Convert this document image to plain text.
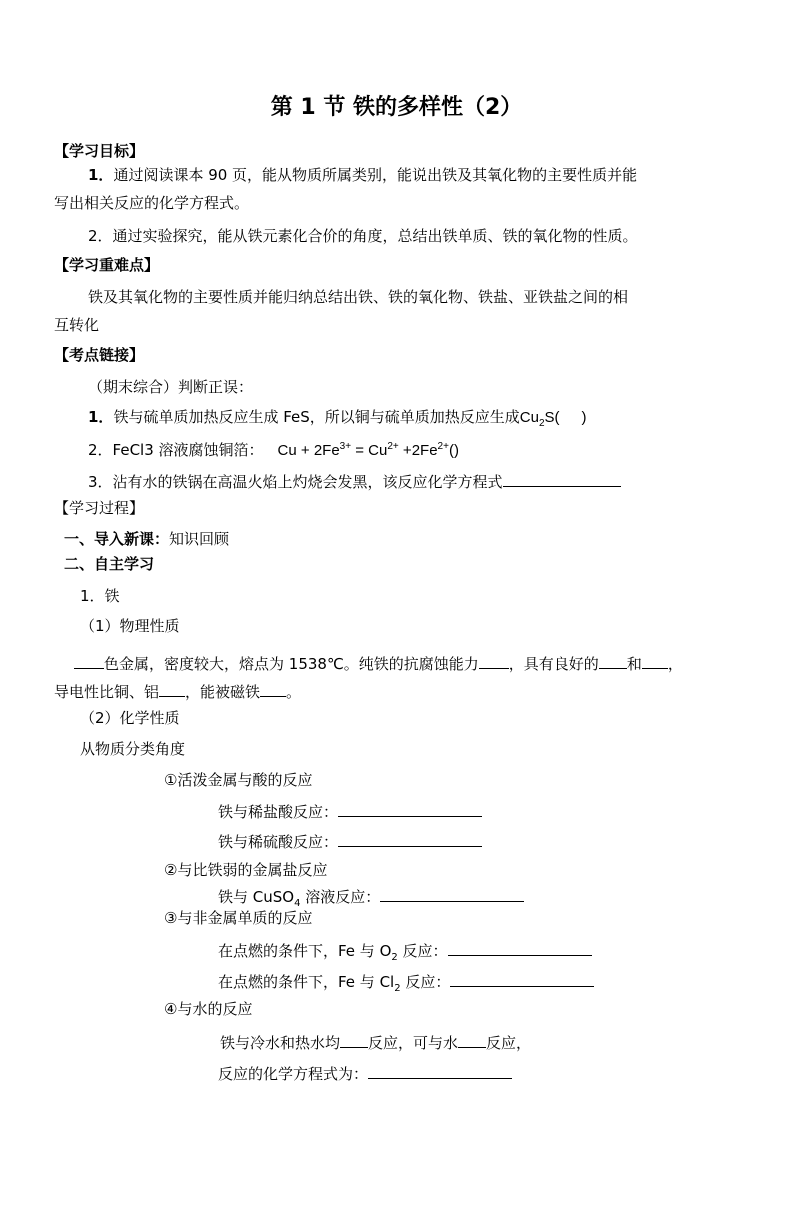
第 1 节 铁的多样性（2）
【学习目标】
1．通过阅读课本 90 页，能从物质所属类别，能说出铁及其氧化物的主要性质并能
写出相关反应的化学方程式。
2．通过实验探究，能从铁元素化合价的角度，总结出铁单质、铁的氧化物的性质。
【学习重难点】
铁及其氧化物的主要性质并能归纳总结出铁、铁的氧化物、铁盐、亚铁盐之间的相
互转化
【考点链接】
（期末综合）判断正误：
1．铁与硫单质加热反应生成 FeS，所以铜与硫单质加热反应生成$Cu_2S$( )
2．FeCl3 溶液腐蚀铜箔： $Cu + 2Fe^{3+} = Cu^{2+} +2Fe^{2+}()$
3．沾有水的铁锅在高温火焰上灼烧会发黑，该反应化学方程式
【学习过程】
一、导入新课：知识回顾
二、自主学习
1．铁
（1）物理性质
色金属，密度较大，熔点为 1538℃。纯铁的抗腐蚀能力 ，具有良好的 和 ，
导电性比铜、铝 ，能被磁铁 。
（2）化学性质
从物质分类角度
①活泼金属与酸的反应
铁与稀盐酸反应：
铁与稀硫酸反应：
②与比铁弱的金属盐反应
铁与 CuSO$_4$ 溶液反应：
③与非金属单质的反应
在点燃的条件下，Fe 与 $O_2$ 反应：
在点燃的条件下，Fe 与 $Cl_2$ 反应：
④与水的反应
铁与冷水和热水均 反应，可与水 反应，
反应的化学方程式为：
